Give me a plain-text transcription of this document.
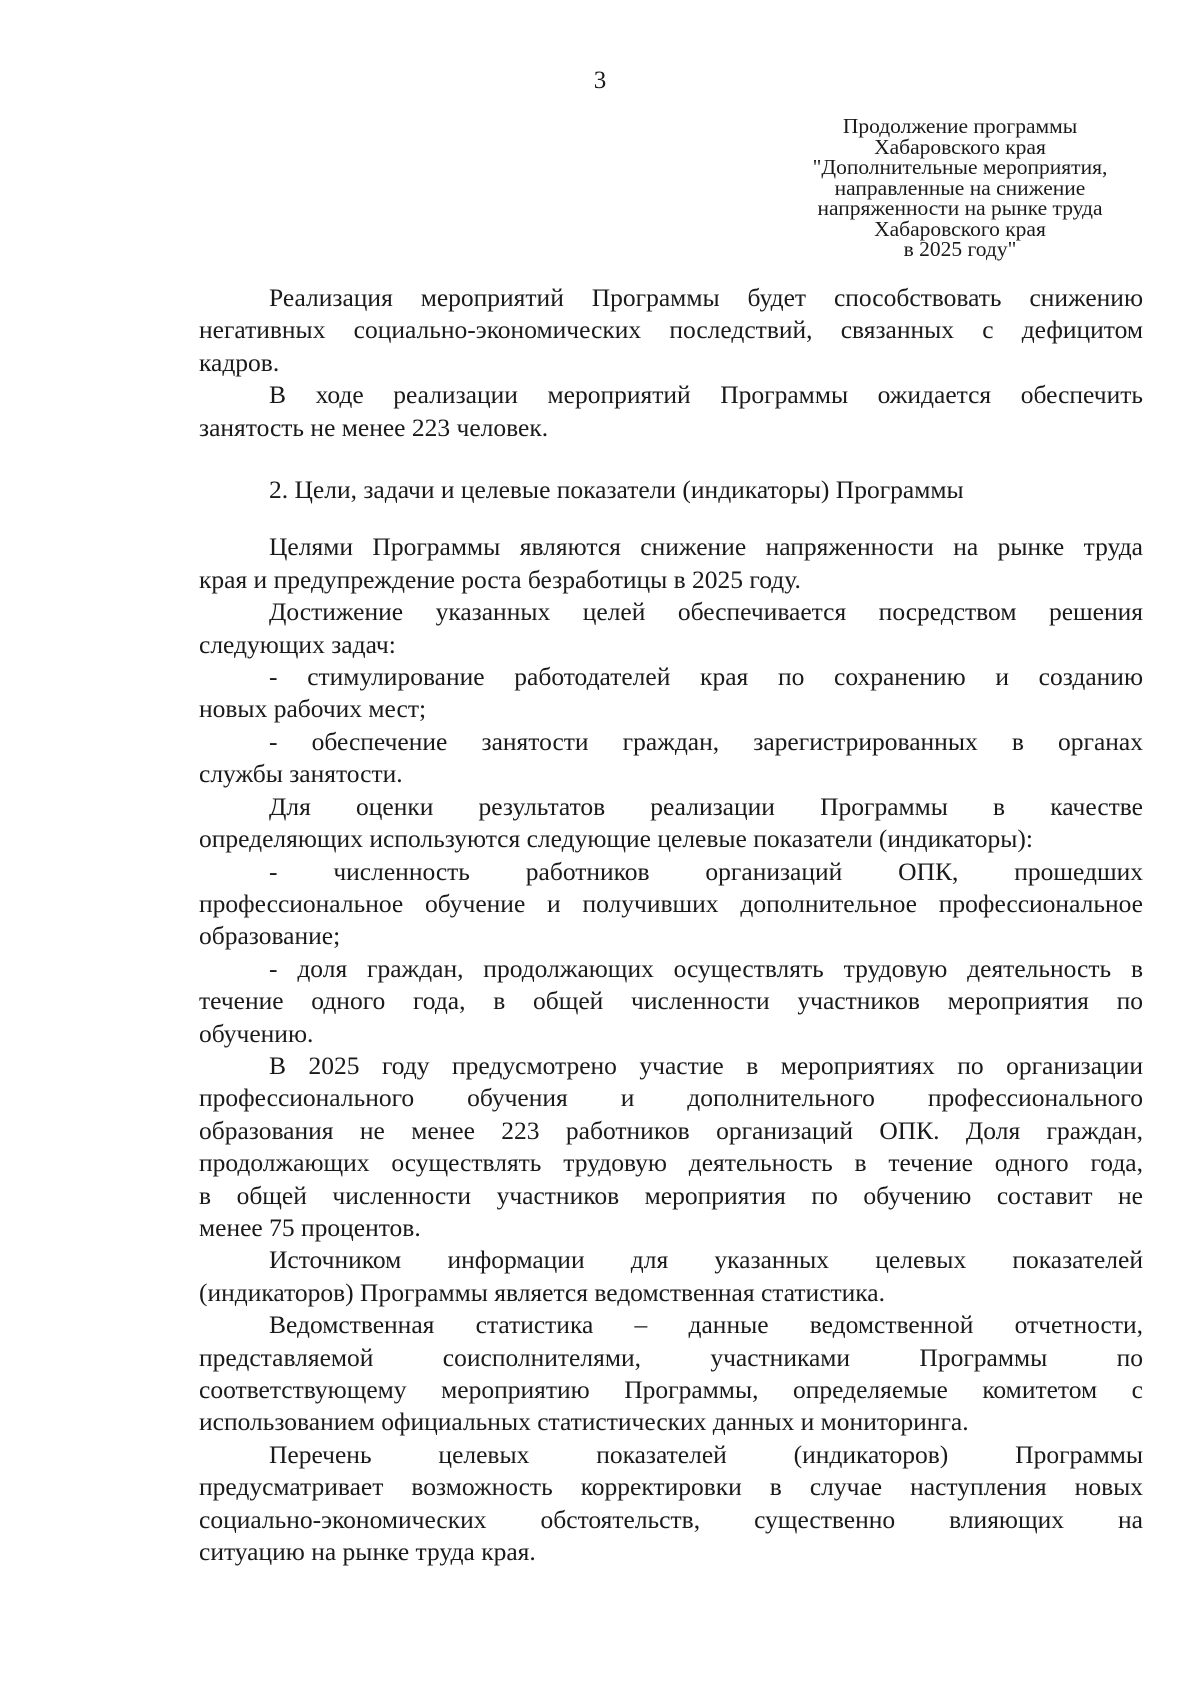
3
Продолжение программы
Хабаровского края
"Дополнительные мероприятия,
направленные на снижение
напряженности на рынке труда
Хабаровского края
в 2025 году"
Реализация мероприятий Программы будет способствовать снижению
негативных социально-экономических последствий, связанных с дефицитом
кадров.
В ходе реализации мероприятий Программы ожидается обеспечить
занятость не менее 223 человек.

2. Цели, задачи и целевые показатели (индикаторы) Программы

Целями Программы являются снижение напряженности на рынке труда
края и предупреждение роста безработицы в 2025 году.
Достижение указанных целей обеспечивается посредством решения
следующих задач:
- стимулирование работодателей края по сохранению и созданию
новых рабочих мест;
- обеспечение занятости граждан, зарегистрированных в органах
службы занятости.
Для оценки результатов реализации Программы в качестве
определяющих используются следующие целевые показатели (индикаторы):
- численность работников организаций ОПК, прошедших
профессиональное обучение и получивших дополнительное профессиональное
образование;
- доля граждан, продолжающих осуществлять трудовую деятельность в
течение одного года, в общей численности участников мероприятия по
обучению.
В 2025 году предусмотрено участие в мероприятиях по организации
профессионального обучения и дополнительного профессионального
образования не менее 223 работников организаций ОПК. Доля граждан,
продолжающих осуществлять трудовую деятельность в течение одного года,
в общей численности участников мероприятия по обучению составит не
менее 75 процентов.
Источником информации для указанных целевых показателей
(индикаторов) Программы является ведомственная статистика.
Ведомственная статистика – данные ведомственной отчетности,
представляемой соисполнителями, участниками Программы по
соответствующему мероприятию Программы, определяемые комитетом с
использованием официальных статистических данных и мониторинга.
Перечень целевых показателей (индикаторов) Программы
предусматривает возможность корректировки в случае наступления новых
социально-экономических обстоятельств, существенно влияющих на
ситуацию на рынке труда края.
